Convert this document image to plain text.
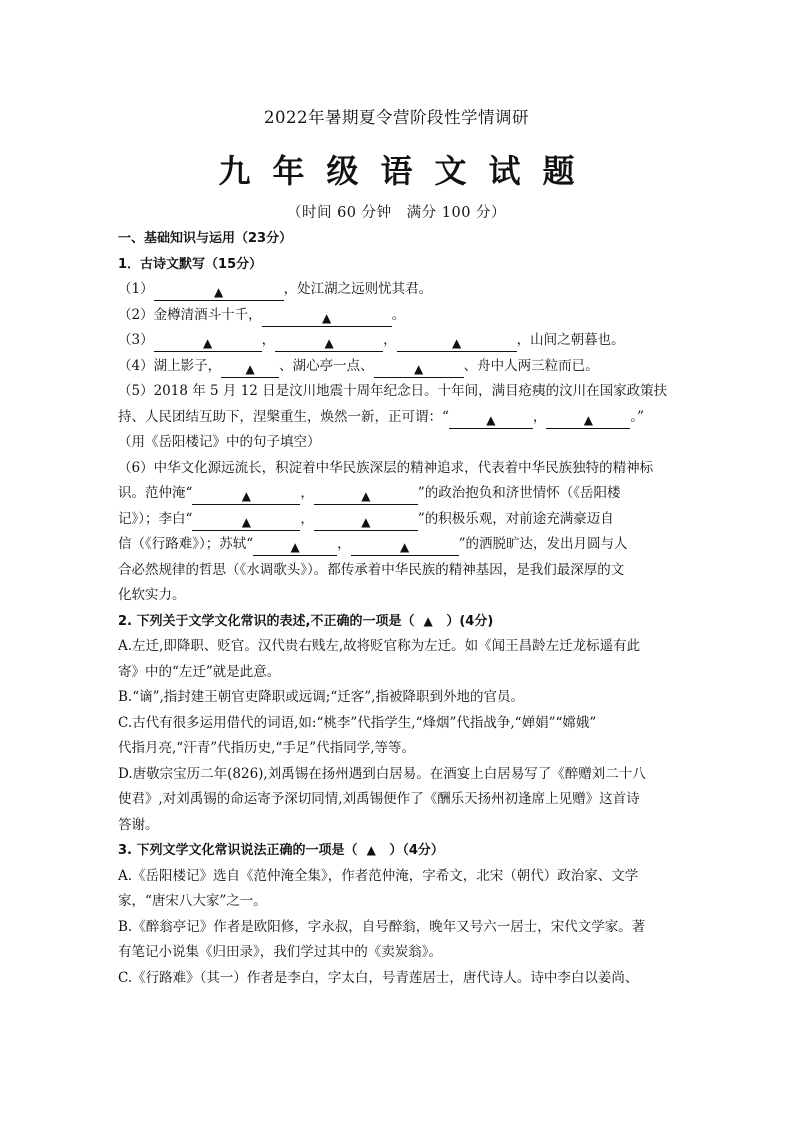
2022年暑期夏令营阶段性学情调研
九年级语文试题
（时间 60 分钟　满分 100 分）

一、基础知识与运用（23分）

1．古诗文默写（15分）

（1）	▲	，处江湖之远则忧其君。

（2）金樽清酒斗十千，	▲	。

（3）	▲	，	▲	，	▲	，山间之朝暮也。

（4）湖上影子， ▲ 、湖心亭一点、	▲	、舟中人两三粒而已。

（5）2018 年 5 月 12 日是汶川地震十周年纪念日。十年间，满目疮痍的汶川在国家政策扶

持、人民团结互助下，涅槃重生，焕然一新，正可谓：“	▲	，	▲	。”

（用《岳阳楼记》中的句子填空）

（6）中华文化源远流长，积淀着中华民族深层的精神追求，代表着中华民族独特的精神标

识。范仲淹“	▲	，	▲	”的政治抱负和济世情怀（《岳阳楼

记》）；李白“	▲	，	▲	”的积极乐观，对前途充满豪迈自

信（《行路难》）；苏轼“	▲	，	▲	”的洒脱旷达，发出月圆与人

合必然规律的哲思（《水调歌头》）。都传承着中华民族的精神基因，是我们最深厚的文

化软实力。

2. 下列关于文学文化常识的表述,不正确的一项是（ ▲ ）(4分)

A.左迁,即降职、贬官。汉代贵右贱左,故将贬官称为左迁。如《闻王昌龄左迁龙标遥有此

寄》中的“左迁”就是此意。

B.“谪”,指封建王朝官吏降职或远调;“迁客”,指被降职到外地的官员。

C.古代有很多运用借代的词语,如:“桃李”代指学生,“烽烟”代指战争,“婵娟”“嫦娥”

代指月亮,“汗青”代指历史,“手足”代指同学,等等。

D.唐敬宗宝历二年(826),刘禹锡在扬州遇到白居易。在酒宴上白居易写了《醉赠刘二十八

使君》,对刘禹锡的命运寄予深切同情,刘禹锡便作了《酬乐天扬州初逢席上见赠》这首诗

答谢。

3. 下列文学文化常识说法正确的一项是（ ▲ ）（4分）

A.《岳阳楼记》选自《范仲淹全集》，作者范仲淹，字希文，北宋（朝代）政治家、文学

家，“唐宋八大家”之一。

B.《醉翁亭记》作者是欧阳修，字永叔，自号醉翁，晚年又号六一居士，宋代文学家。著

有笔记小说集《归田录》，我们学过其中的《卖炭翁》。

C.《行路难》（其一）作者是李白，字太白，号青莲居士，唐代诗人。诗中李白以姜尚、
